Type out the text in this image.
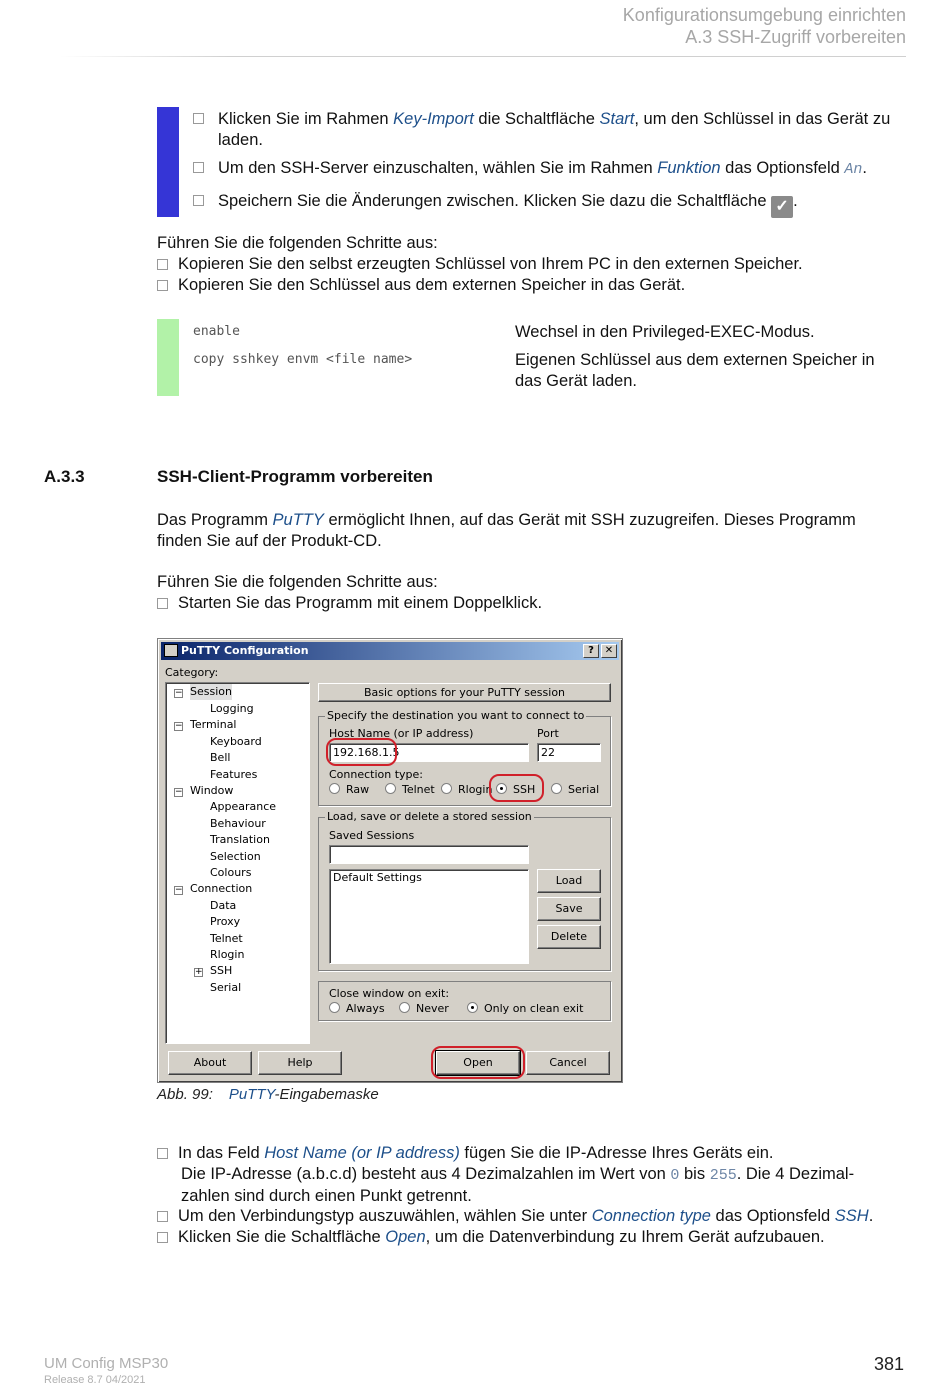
Konfigurationsumgebung einrichten
A.3 SSH-Zugriff vorbereiten
Klicken Sie im Rahmen Key-Import die Schaltfläche Start, um den Schlüssel in das Gerät zu laden.
Um den SSH-Server einzuschalten, wählen Sie im Rahmen Funktion das Optionsfeld An.
Speichern Sie die Änderungen zwischen. Klicken Sie dazu die Schaltfläche ✓ .
Führen Sie die folgenden Schritte aus:
Kopieren Sie den selbst erzeugten Schlüssel von Ihrem PC in den externen Speicher.
Kopieren Sie den Schlüssel aus dem externen Speicher in das Gerät.
enable	Wechsel in den Privileged-EXEC-Modus.
copy sshkey envm <file name>	Eigenen Schlüssel aus dem externen Speicher in das Gerät laden.
A.3.3	SSH-Client-Programm vorbereiten
Das Programm PuTTY ermöglicht Ihnen, auf das Gerät mit SSH zuzugreifen. Dieses Programm finden Sie auf der Produkt-CD.
Führen Sie die folgenden Schritte aus:
Starten Sie das Programm mit einem Doppelklick.
PuTTY Configuration	?	✕
Category:
− Session
Logging
− Terminal
Keyboard
Bell
Features
− Window
Appearance
Behaviour
Translation
Selection
Colours
− Connection
Data
Proxy
Telnet
Rlogin
+ SSH
Serial
Basic options for your PuTTY session
Specify the destination you want to connect to
Host Name (or IP address)	Port
192.168.1.5	22
Connection type:
Raw	Telnet	Rlogin	SSH	Serial
Load, save or delete a stored session
Saved Sessions
Default Settings	Load
Save
Delete
Close window on exit:
Always	Never	Only on clean exit
About	Help	Open	Cancel
Abb. 99: PuTTY-Eingabemaske
In das Feld Host Name (or IP address) fügen Sie die IP-Adresse Ihres Geräts ein.
Die IP-Adresse (a.b.c.d) besteht aus 4 Dezimalzahlen im Wert von 0 bis 255. Die 4 Dezimal-
zahlen sind durch einen Punkt getrennt.
Um den Verbindungstyp auszuwählen, wählen Sie unter Connection type das Optionsfeld SSH.
Klicken Sie die Schaltfläche Open, um die Datenverbindung zu Ihrem Gerät aufzubauen.
UM Config MSP30
Release 8.7 04/2021
381
